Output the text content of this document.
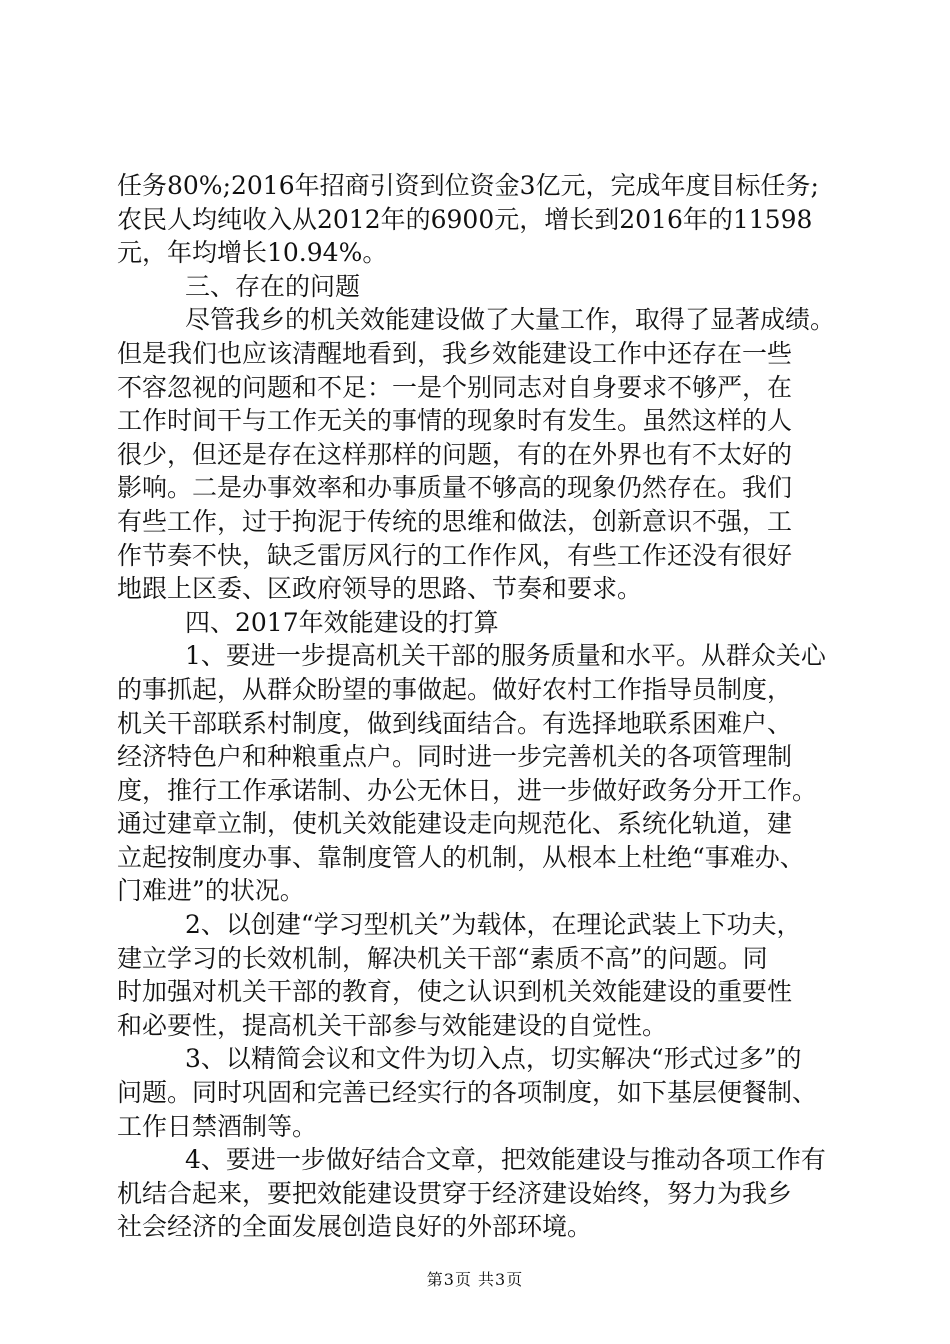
任务80%;2016年招商引资到位资金3亿元，完成年度目标任务;
农民人均纯收入从2012年的6900元，增长到2016年的11598
元，年均增长10.94%。
三、存在的问题
尽管我乡的机关效能建设做了大量工作，取得了显著成绩。
但是我们也应该清醒地看到，我乡效能建设工作中还存在一些
不容忽视的问题和不足：一是个别同志对自身要求不够严，在
工作时间干与工作无关的事情的现象时有发生。虽然这样的人
很少，但还是存在这样那样的问题，有的在外界也有不太好的
影响。二是办事效率和办事质量不够高的现象仍然存在。我们
有些工作，过于拘泥于传统的思维和做法，创新意识不强，工
作节奏不快，缺乏雷厉风行的工作作风，有些工作还没有很好
地跟上区委、区政府领导的思路、节奏和要求。
四、2017年效能建设的打算
1、要进一步提高机关干部的服务质量和水平。从群众关心
的事抓起，从群众盼望的事做起。做好农村工作指导员制度，
机关干部联系村制度，做到线面结合。有选择地联系困难户、
经济特色户和种粮重点户。同时进一步完善机关的各项管理制
度，推行工作承诺制、办公无休日，进一步做好政务分开工作。
通过建章立制，使机关效能建设走向规范化、系统化轨道，建
立起按制度办事、靠制度管人的机制，从根本上杜绝“事难办、
门难进”的状况。
2、以创建“学习型机关”为载体，在理论武装上下功夫，
建立学习的长效机制，解决机关干部“素质不高”的问题。同
时加强对机关干部的教育，使之认识到机关效能建设的重要性
和必要性，提高机关干部参与效能建设的自觉性。
3、以精简会议和文件为切入点，切实解决“形式过多”的
问题。同时巩固和完善已经实行的各项制度，如下基层便餐制、
工作日禁酒制等。
4、要进一步做好结合文章，把效能建设与推动各项工作有
机结合起来，要把效能建设贯穿于经济建设始终，努力为我乡
社会经济的全面发展创造良好的外部环境。
第3页 共3页
